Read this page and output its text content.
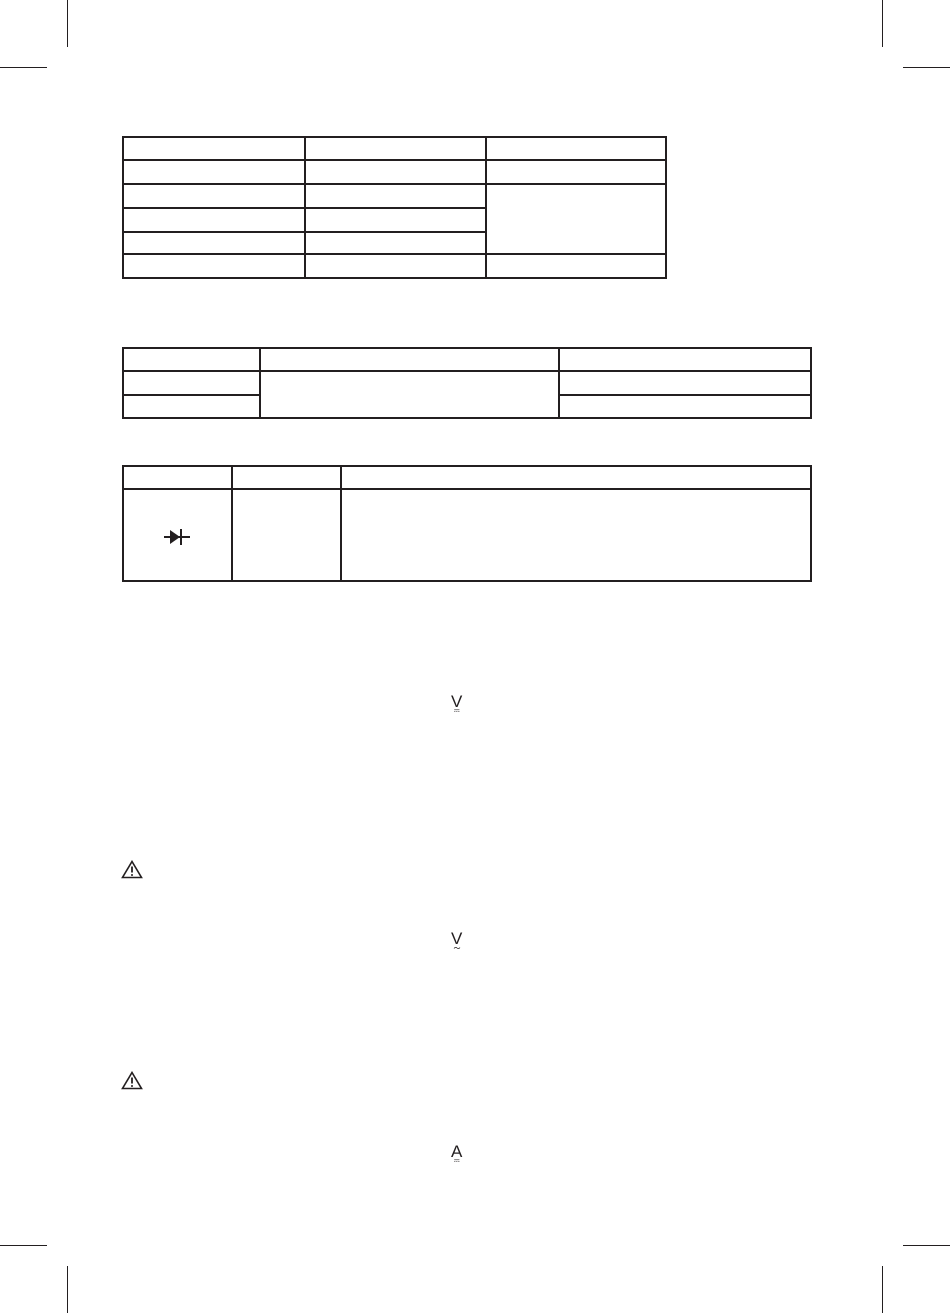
V
V
A
